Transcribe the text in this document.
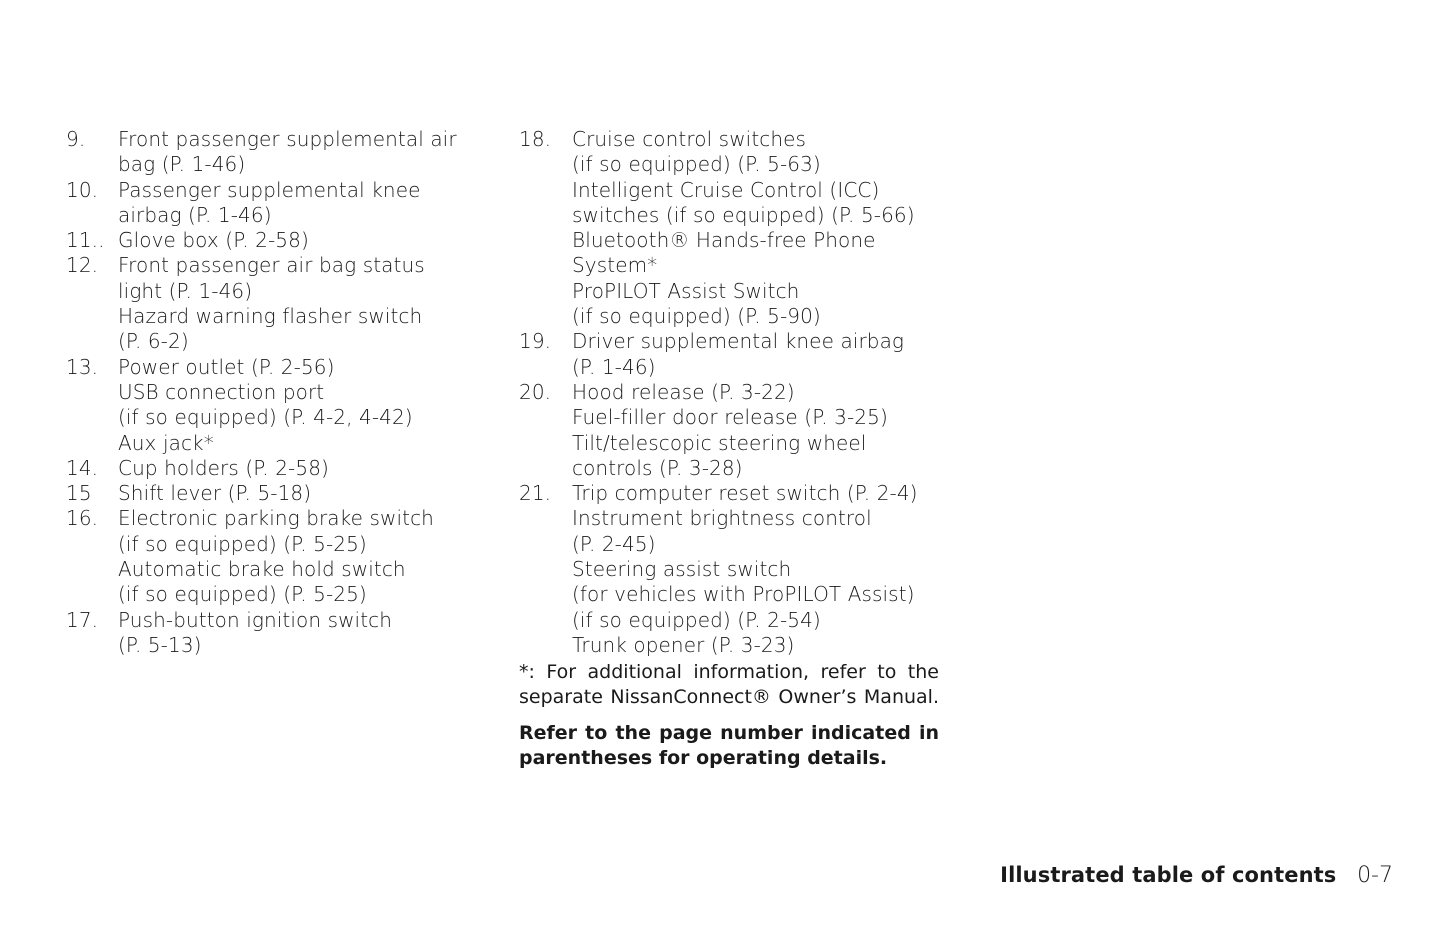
9.	Front passenger supplemental air
bag (P. 1-46)
10. Passenger supplemental knee
airbag (P. 1-46)
11.. Glove box (P. 2-58)
12. Front passenger air bag status
light (P. 1-46)
Hazard warning flasher switch
(P. 6-2)
13. Power outlet (P. 2-56)
USB connection port
(if so equipped) (P. 4-2, 4-42)
Aux jack*
14. Cup holders (P. 2-58)
15	Shift lever (P. 5-18)
16. Electronic parking brake switch
(if so equipped) (P. 5-25)
Automatic brake hold switch
(if so equipped) (P. 5-25)
17. Push-button ignition switch
(P. 5-13)
18.	Cruise control switches
(if so equipped) (P. 5-63)
Intelligent Cruise Control (ICC)
switches (if so equipped) (P. 5-66)
Bluetooth® Hands-free Phone
System*
ProPILOT Assist Switch
(if so equipped) (P. 5-90)
19.	Driver supplemental knee airbag
(P. 1-46)
20.	Hood release (P. 3-22)
Fuel-filler door release (P. 3-25)
Tilt/telescopic steering wheel
controls (P. 3-28)
21.	Trip computer reset switch (P. 2-4)
Instrument brightness control
(P. 2-45)
Steering assist switch
(for vehicles with ProPILOT Assist)
(if so equipped) (P. 2-54)
Trunk opener (P. 3-23)
*: For additional information, refer to the
separate NissanConnect® Owner’s Manual.
Refer to the page number indicated in
parentheses for operating details.
Illustrated table of contents 0-7
